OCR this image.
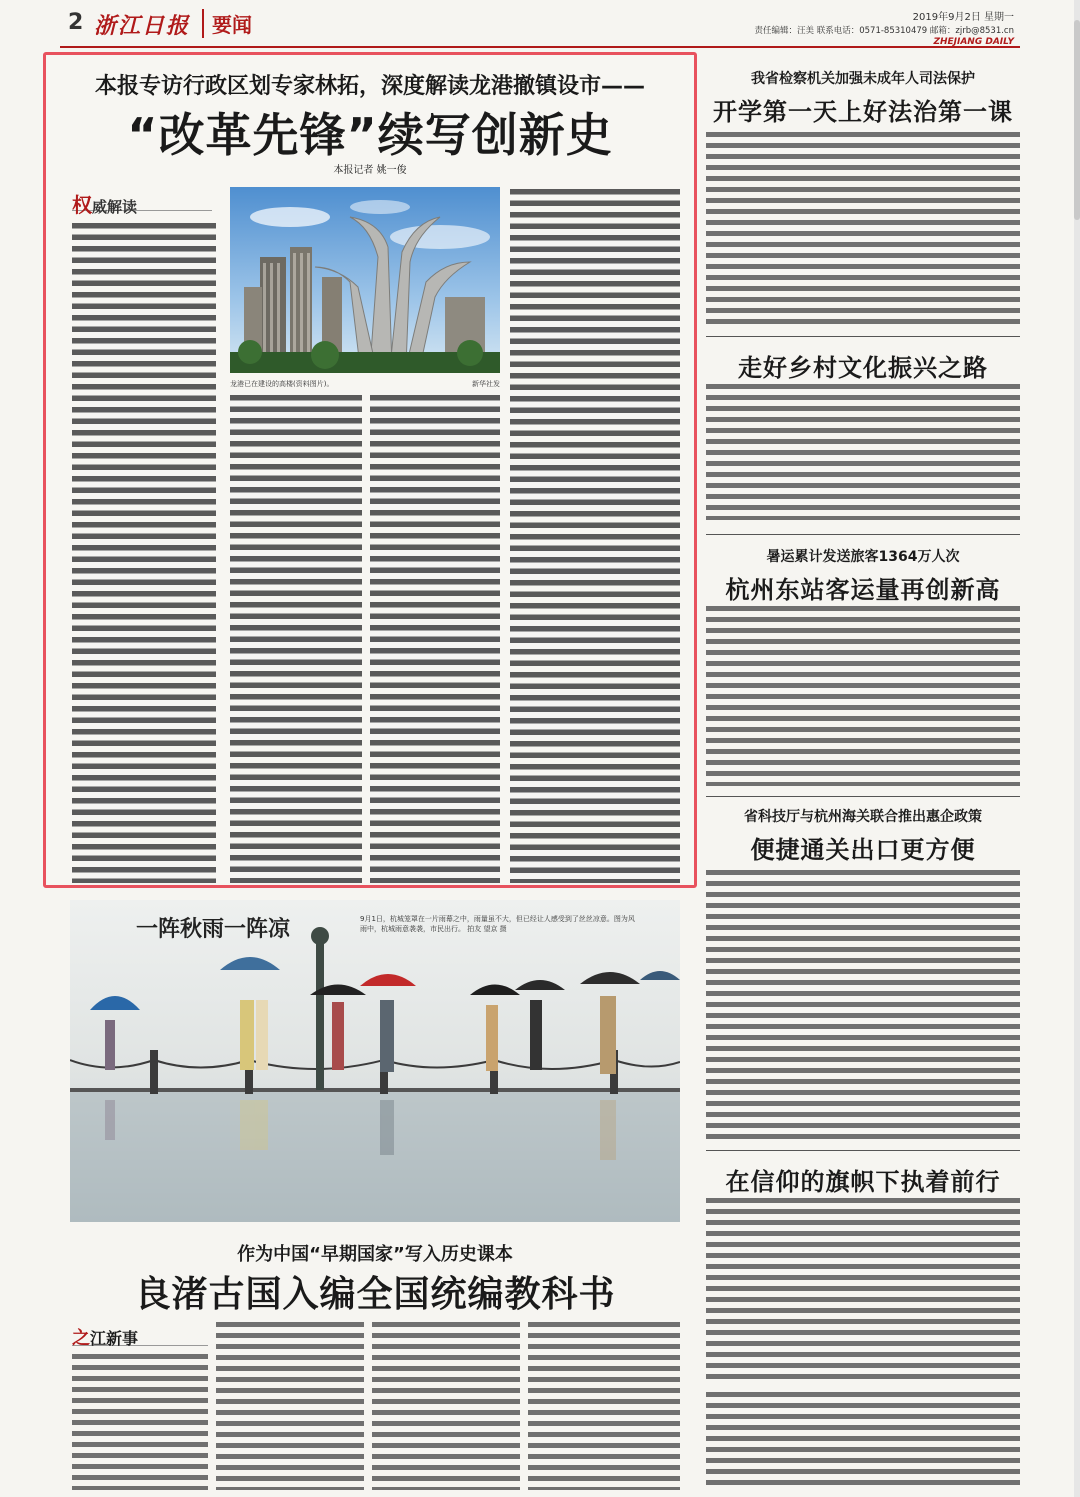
2 浙江日报	要闻	2019年9月2日 星期一
责任编辑：汪美 联系电话：0571-85310479 邮箱：zjrb@8531.cn
ZHEJIANG DAILY
本报专访行政区划专家林拓，深度解读龙港撤镇设市——
“改革先锋”续写创新史
本报记者 姚一俊
权威解读
龙港已在建设的高楼(资料图片)。	新华社发
我省检察机关加强未成年人司法保护
开学第一天上好法治第一课
走好乡村文化振兴之路
暑运累计发送旅客1364万人次
杭州东站客运量再创新高
省科技厅与杭州海关联合推出惠企政策
便捷通关出口更方便
在信仰的旗帜下执着前行
一阵秋雨一阵凉	9月1日，杭城笼罩在一片雨幕之中，雨量虽不大，但已经让人感受到了丝丝凉意。图为风雨中，杭城雨意袭袭，市民出行。 拍友 望京 摄
作为中国“早期国家”写入历史课本
良渚古国入编全国统编教科书
之江新事
